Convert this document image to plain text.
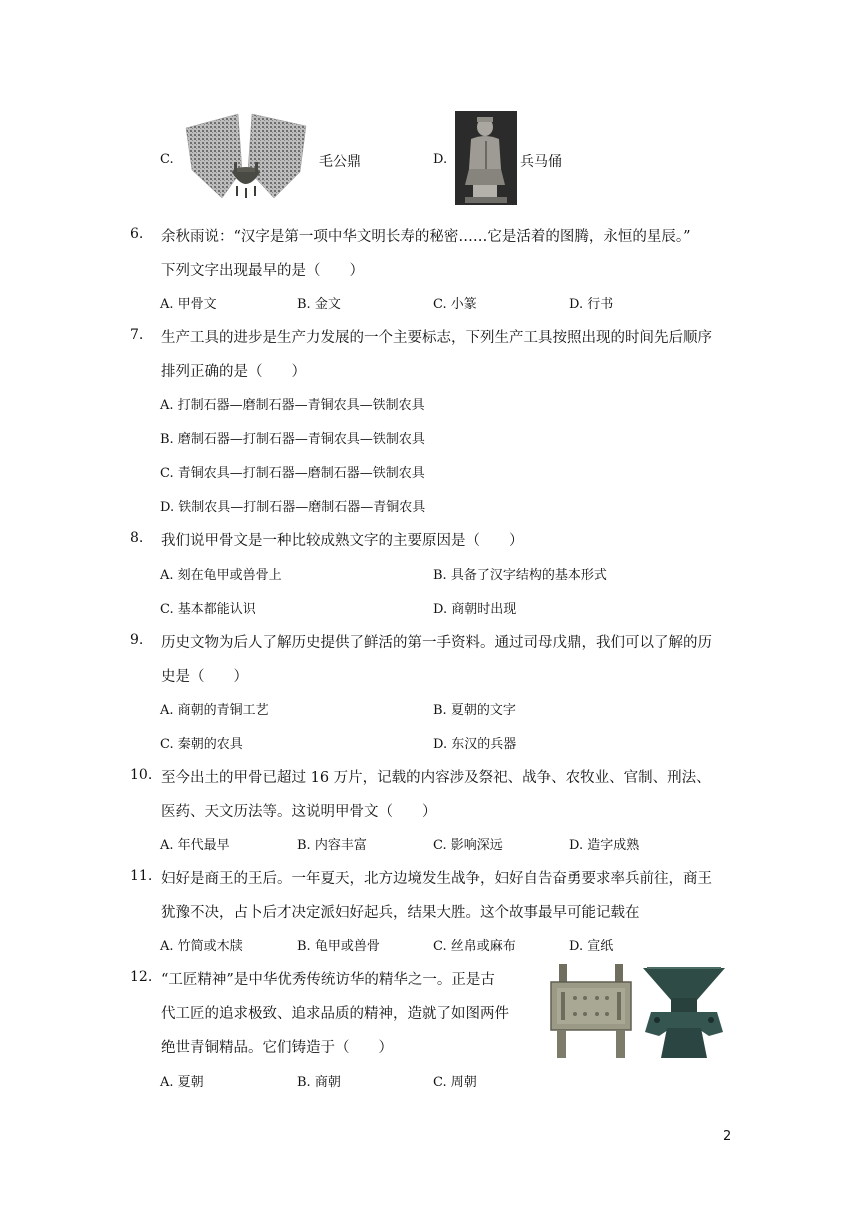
C.	毛公鼎	D.	兵马俑
6. 余秋雨说：“汉字是第一项中华文明长寿的秘密……它是活着的图腾，永恒的星辰。”
下列文字出现最早的是（　　）
A. 甲骨文	B. 金文	C. 小篆	D. 行书
7. 生产工具的进步是生产力发展的一个主要标志，下列生产工具按照出现的时间先后顺序
排列正确的是（　　）
A. 打制石器—磨制石器—青铜农具—铁制农具
B. 磨制石器—打制石器—青铜农具—铁制农具
C. 青铜农具—打制石器—磨制石器—铁制农具
D. 铁制农具—打制石器—磨制石器—青铜农具
8. 我们说甲骨文是一种比较成熟文字的主要原因是（　　）
A. 刻在龟甲或兽骨上	B. 具备了汉字结构的基本形式
C. 基本都能认识	D. 商朝时出现
9. 历史文物为后人了解历史提供了鲜活的第一手资料。通过司母戊鼎，我们可以了解的历
史是（　　）
A. 商朝的青铜工艺	B. 夏朝的文字
C. 秦朝的农具	D. 东汉的兵器
10. 至今出土的甲骨已超过 16 万片，记载的内容涉及祭祀、战争、农牧业、官制、刑法、
医药、天文历法等。这说明甲骨文（　　）
A. 年代最早	B. 内容丰富	C. 影响深远	D. 造字成熟
11. 妇好是商王的王后。一年夏天，北方边境发生战争，妇好自告奋勇要求率兵前往，商王
犹豫不决，占卜后才决定派妇好起兵，结果大胜。这个故事最早可能记载在
A. 竹简或木牍	B. 龟甲或兽骨	C. 丝帛或麻布	D. 宣纸
12. “工匠精神”是中华优秀传统访华的精华之一。正是古
代工匠的追求极致、追求品质的精神，造就了如图两件
绝世青铜精品。它们铸造于（　　）
A. 夏朝	B. 商朝	C. 周朝
2
